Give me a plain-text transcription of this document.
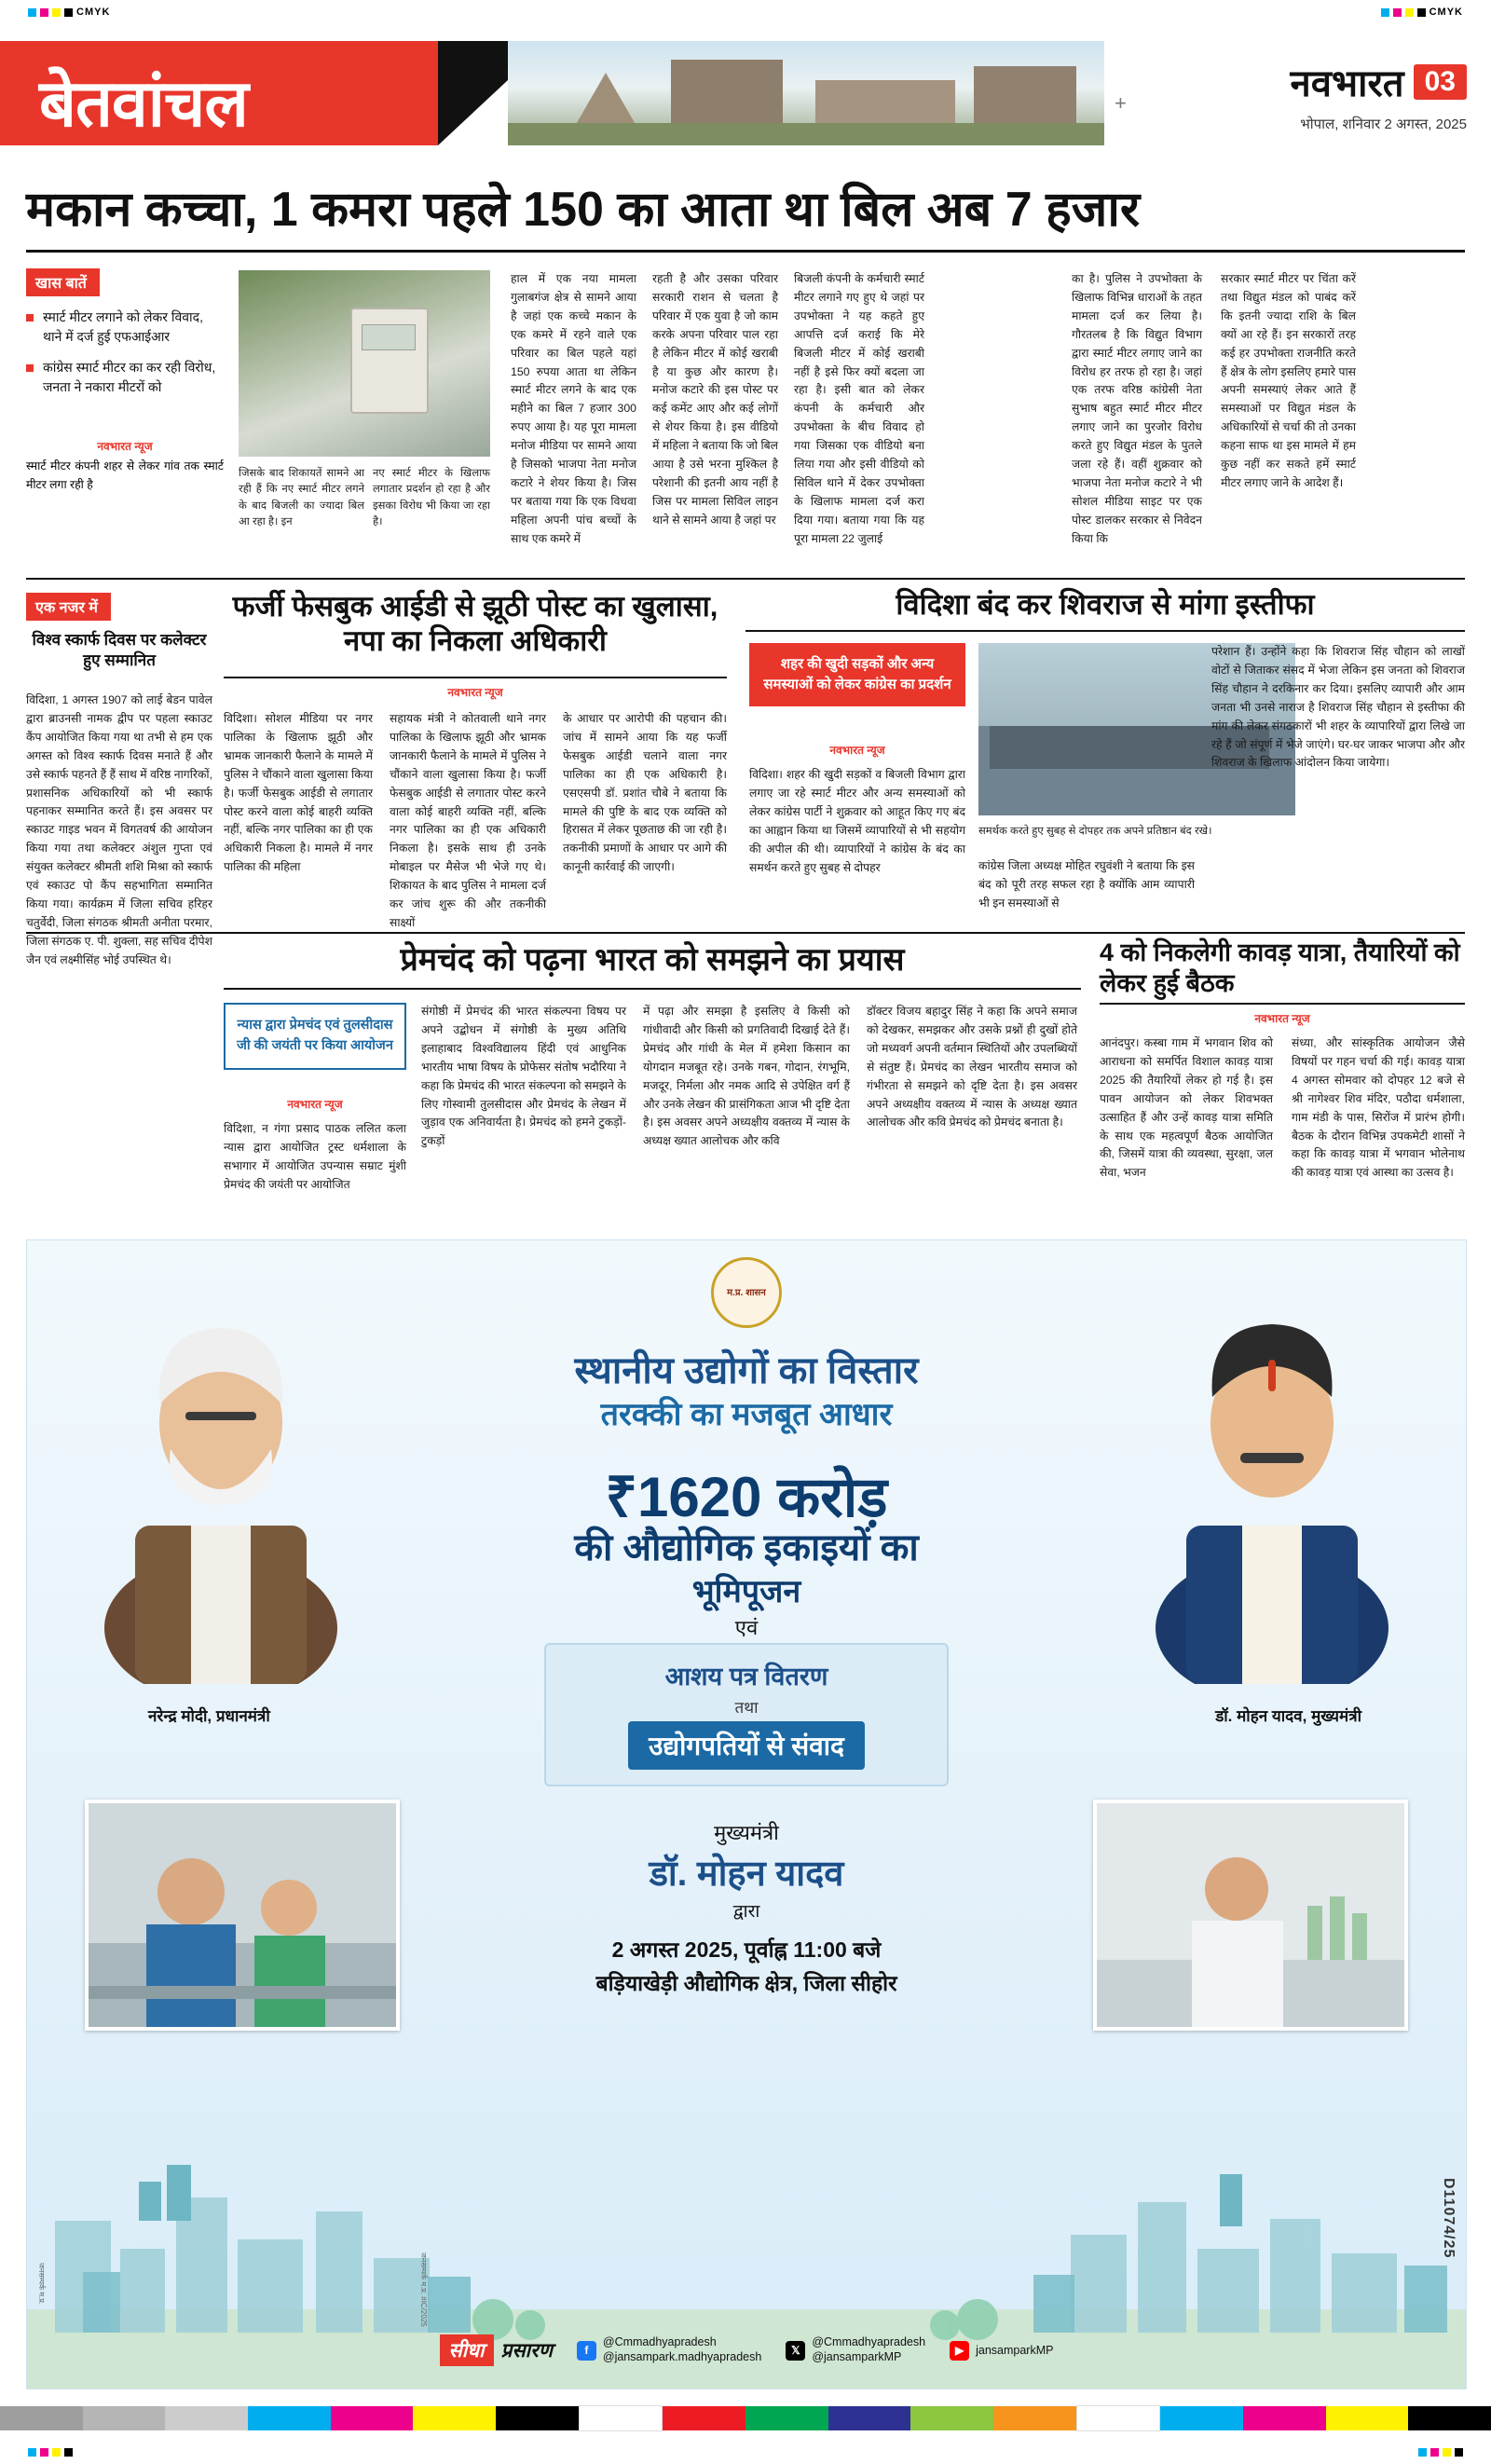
CMYK	CMYK
बेतवांचल	+	नवभारत 03
भोपाल, शनिवार 2 अगस्त, 2025
मकान कच्चा, 1 कमरा पहले 150 का आता था बिल अब 7 हजार
खास बातें
स्मार्ट मीटर लगाने को लेकर विवाद, थाने में दर्ज हुई एफआईआर
कांग्रेस स्मार्ट मीटर का कर रही विरोध, जनता ने नकारा मीटरों को
नवभारत न्यूज
स्मार्ट मीटर कंपनी शहर से लेकर गांव तक स्मार्ट मीटर लगा रही है
जिसके बाद शिकायतें सामने आ रही हैं कि नए स्मार्ट मीटर लगने के बाद बिजली का ज्यादा बिल आ रहा है। इन
नए स्मार्ट मीटर के खिलाफ लगातार प्रदर्शन हो रहा है और इसका विरोध भी किया जा रहा है।
हाल में एक नया मामला गुलाबगंज क्षेत्र से सामने आया है जहां एक कच्चे मकान के एक कमरे में रहने वाले एक परिवार का बिल पहले यहां 150 रुपया आता था लेकिन स्मार्ट मीटर लगने के बाद एक महीने का बिल 7 हजार 300 रुपए आया है। यह पूरा मामला मनोज मीडिया पर सामने आया है जिसको भाजपा नेता मनोज कटारे ने शेयर किया है। जिस पर बताया गया कि एक विधवा महिला अपनी पांच बच्चों के साथ एक कमरे में
रहती है और उसका परिवार सरकारी राशन से चलता है परिवार में एक युवा है जो काम करके अपना परिवार पाल रहा है लेकिन मीटर में कोई खराबी है या कुछ और कारण है। मनोज कटारे की इस पोस्ट पर कई कमेंट आए और कई लोगों से शेयर किया है। इस वीडियो में महिला ने बताया कि जो बिल आया है उसे भरना मुश्किल है परेशानी की इतनी आय नहीं है जिस पर मामला सिविल लाइन थाने से सामने आया है जहां पर
बिजली कंपनी के कर्मचारी स्मार्ट मीटर लगाने गए हुए थे जहां पर उपभोक्ता ने यह कहते हुए आपत्ति दर्ज कराई कि मेरे बिजली मीटर में कोई खराबी नहीं है इसे फिर क्यों बदला जा रहा है। इसी बात को लेकर कंपनी के कर्मचारी और उपभोक्ता के बीच विवाद हो गया जिसका एक वीडियो बना लिया गया और इसी वीडियो को सिविल थाने में देकर उपभोक्ता के खिलाफ मामला दर्ज करा दिया गया। बताया गया कि यह पूरा मामला 22 जुलाई
का है। पुलिस ने उपभोक्ता के खिलाफ विभिन्न धाराओं के तहत मामला दर्ज कर लिया है। गौरतलब है कि विद्युत विभाग द्वारा स्मार्ट मीटर लगाए जाने का विरोध हर तरफ हो रहा है। जहां एक तरफ वरिष्ठ कांग्रेसी नेता सुभाष बहुत स्मार्ट मीटर मीटर लगाए जाने का पुरजोर विरोध करते हुए विद्युत मंडल के पुतले जला रहे हैं। वहीं शुक्रवार को भाजपा नेता मनोज कटारे ने भी सोशल मीडिया साइट पर एक पोस्ट डालकर सरकार से निवेदन किया कि
सरकार स्मार्ट मीटर पर चिंता करें तथा विद्युत मंडल को पाबंद करें कि इतनी ज्यादा राशि के बिल क्यों आ रहे हैं। इन सरकारों तरह कई हर उपभोक्ता राजनीति करते हैं क्षेत्र के लोग इसलिए हमारे पास अपनी समस्याएं लेकर आते हैं समस्याओं पर विद्युत मंडल के अधिकारियों से चर्चा की तो उनका कहना साफ था इस मामले में हम कुछ नहीं कर सकते हमें स्मार्ट मीटर लगाए जाने के आदेश हैं।
एक नजर में
विश्व स्कार्फ दिवस पर कलेक्टर हुए सम्मानित
विदिशा, 1 अगस्त 1907 को लाई बेडन पावेल द्वारा ब्राउनसी नामक द्वीप पर पहला स्काउट कैंप आयोजित किया गया था तभी से हम एक अगस्त को विश्व स्कार्फ दिवस मनाते हैं और उसे स्कार्फ पहनते हैं हैं साथ में वरिष्ठ नागरिकों, प्रशासनिक अधिकारियों को भी स्कार्फ पहनाकर सम्मानित करते हैं। इस अवसर पर स्काउट गाइड भवन में विगतवर्ष की आयोजन किया गया तथा कलेक्टर अंशुल गुप्ता एवं संयुक्त कलेक्टर श्रीमती शशि मिश्रा को स्कार्फ एवं स्काउट पो कैंप सहभागिता सम्मानित किया गया। कार्यक्रम में जिला सचिव हरिहर चतुर्वेदी, जिला संगठक श्रीमती अनीता परमार, जिला संगठक ए. पी. शुक्ला, सह सचिव दीपेश जैन एवं लक्ष्मीसिंह भोई उपस्थित थे।
फर्जी फेसबुक आईडी से झूठी पोस्ट का खुलासा, नपा का निकला अधिकारी
नवभारत न्यूज
विदिशा। सोशल मीडिया पर नगर पालिका के खिलाफ झूठी और भ्रामक जानकारी फैलाने के मामले में पुलिस ने चौंकाने वाला खुलासा किया है। फर्जी फेसबुक आईडी से लगातार पोस्ट करने वाला कोई बाहरी व्यक्ति नहीं, बल्कि नगर पालिका का ही एक अधिकारी निकला है। मामले में नगर पालिका की महिला
सहायक मंत्री ने कोतवाली थाने नगर पालिका के खिलाफ झूठी और भ्रामक जानकारी फैलाने के मामले में पुलिस ने चौंकाने वाला खुलासा किया है। फर्जी फेसबुक आईडी से लगातार पोस्ट करने वाला कोई बाहरी व्यक्ति नहीं, बल्कि नगर पालिका का ही एक अधिकारी निकला है। इसके साथ ही उनके मोबाइल पर मैसेज भी भेजे गए थे। शिकायत के बाद पुलिस ने मामला दर्ज कर जांच शुरू की और तकनीकी साक्ष्यों
के आधार पर आरोपी की पहचान की। जांच में सामने आया कि यह फर्जी फेसबुक आईडी चलाने वाला नगर पालिका का ही एक अधिकारी है। एसएसपी डॉ. प्रशांत चौबे ने बताया कि मामले की पुष्टि के बाद एक व्यक्ति को हिरासत में लेकर पूछताछ की जा रही है। तकनीकी प्रमाणों के आधार पर आगे की कानूनी कार्रवाई की जाएगी।
विदिशा बंद कर शिवराज से मांगा इस्तीफा
शहर की खुदी सड़कों और अन्य समस्याओं को लेकर कांग्रेस का प्रदर्शन
समर्थक करते हुए सुबह से दोपहर तक अपने प्रतिष्ठान बंद रखे।
नवभारत न्यूज
विदिशा। शहर की खुदी सड़कों व बिजली विभाग द्वारा लगाए जा रहे स्मार्ट मीटर और अन्य समस्याओं को लेकर कांग्रेस पार्टी ने शुक्रवार को आहूत किए गए बंद का आह्वान किया था जिसमें व्यापारियों से भी सहयोग की अपील की थी। व्यापारियों ने कांग्रेस के बंद का समर्थन करते हुए सुबह से दोपहर	कांग्रेस जिला अध्यक्ष मोहित रघुवंशी ने बताया कि इस बंद को पूरी तरह सफल रहा है क्योंकि आम व्यापारी भी इन समस्याओं से
परेशान हैं। उन्होंने कहा कि शिवराज सिंह चौहान को लाखों वोटों से जिताकर संसद में भेजा लेकिन इस जनता को शिवराज सिंह चौहान ने दरकिनार कर दिया। इसलिए व्यापारी और आम जनता भी उनसे नाराज है शिवराज सिंह चौहान से इस्तीफा की मांग की लेकर संगठकारों भी शहर के व्यापारियों द्वारा लिखे जा रहे हैं जो संपूर्ण में भेजे जाएंगे। घर-घर जाकर भाजपा और और शिवराज के खिलाफ आंदोलन किया जायेगा।
प्रेमचंद को पढ़ना भारत को समझने का प्रयास
न्यास द्वारा प्रेमचंद एवं तुलसीदास जी की जयंती पर किया आयोजन
नवभारत न्यूज
विदिशा, न गंगा प्रसाद पाठक ललित कला न्यास द्वारा आयोजित ट्रस्ट धर्मशाला के सभागार में आयोजित उपन्यास सम्राट मुंशी प्रेमचंद की जयंती पर आयोजित
संगोष्ठी में प्रेमचंद की भारत संकल्पना विषय पर अपने उद्बोधन में संगोष्ठी के मुख्य अतिथि इलाहाबाद विश्वविद्यालय हिंदी एवं आधुनिक भारतीय भाषा विषय के प्रोफेसर संतोष भदौरिया ने कहा कि प्रेमचंद की भारत संकल्पना को समझने के लिए गोस्वामी तुलसीदास और प्रेमचंद के लेखन में जुड़ाव एक अनिवार्यता है। प्रेमचंद को हमने टुकड़ों-टुकड़ों
में पढ़ा और समझा है इसलिए वे किसी को गांधीवादी और किसी को प्रगतिवादी दिखाई देते हैं। प्रेमचंद और गांधी के मेल में हमेशा किसान का योगदान मजबूत रहे। उनके गबन, गोदान, रंगभूमि, मजदूर, निर्मला और नमक आदि से उपेक्षित वर्ग हैं और उनके लेखन की प्रासंगिकता आज भी दृष्टि देता है। इस अवसर अपने अध्यक्षीय वक्तव्य में न्यास के अध्यक्ष ख्यात आलोचक और कवि
डॉक्टर विजय बहादुर सिंह ने कहा कि अपने समाज को देखकर, समझकर और उसके प्रश्नों ही दुखों होते जो मध्यवर्ग अपनी वर्तमान स्थितियों और उपलब्धियों से संतुष्ट हैं। प्रेमचंद का लेखन भारतीय समाज को गंभीरता से समझने को दृष्टि देता है। इस अवसर अपने अध्यक्षीय वक्तव्य में न्यास के अध्यक्ष ख्यात आलोचक और कवि प्रेमचंद को प्रेमचंद बनाता है।
4 को निकलेगी कावड़ यात्रा, तैयारियों को लेकर हुई बैठक
नवभारत न्यूज
आनंदपुर। कस्बा गाम में भगवान शिव को आराधना को समर्पित विशाल कावड़ यात्रा 2025 की तैयारियों लेकर हो गई है। इस पावन आयोजन को लेकर शिवभक्त उत्साहित हैं और उन्हें कावड़ यात्रा समिति के साथ एक महत्वपूर्ण बैठक आयोजित की, जिसमें यात्रा की व्यवस्था, सुरक्षा, जल सेवा, भजन
संध्या, और सांस्कृतिक आयोजन जैसे विषयों पर गहन चर्चा की गई। कावड़ यात्रा 4 अगस्त सोमवार को दोपहर 12 बजे से श्री नागेश्वर शिव मंदिर, पठौदा धर्मशाला, गाम मंडी के पास, सिरोंज में प्रारंभ होगी। बैठक के दौरान विभिन्न उपकमेटी शासों ने कहा कि कावड़ यात्रा में भगवान भोलेनाथ की कावड़ यात्रा एवं आस्था का उत्सव है।
म.प्र. शासन
नरेन्द्र मोदी, प्रधानमंत्री	डॉ. मोहन यादव, मुख्यमंत्री
स्थानीय उद्योगों का विस्तार
तरक्की का मजबूत आधार
₹1620 करोड़
की औद्योगिक इकाइयों का
भूमिपूजन
एवं
आशय पत्र वितरण
तथा
उद्योगपतियों से संवाद
मुख्यमंत्री
डॉ. मोहन यादव
द्वारा
2 अगस्त 2025, पूर्वाह्न 11:00 बजे
बड़ियाखेड़ी औद्योगिक क्षेत्र, जिला सीहोर
सीधा प्रसारण	f
@Cmmadhyapradesh
@jansampark.madhyapradesh	𝕏
@Cmmadhyapradesh
@jansamparkMP	▶	jansamparkMP
D11074/25
जनसम्पर्क म.प्र.	जनसम्पर्क म.प्र. #IC/2025
